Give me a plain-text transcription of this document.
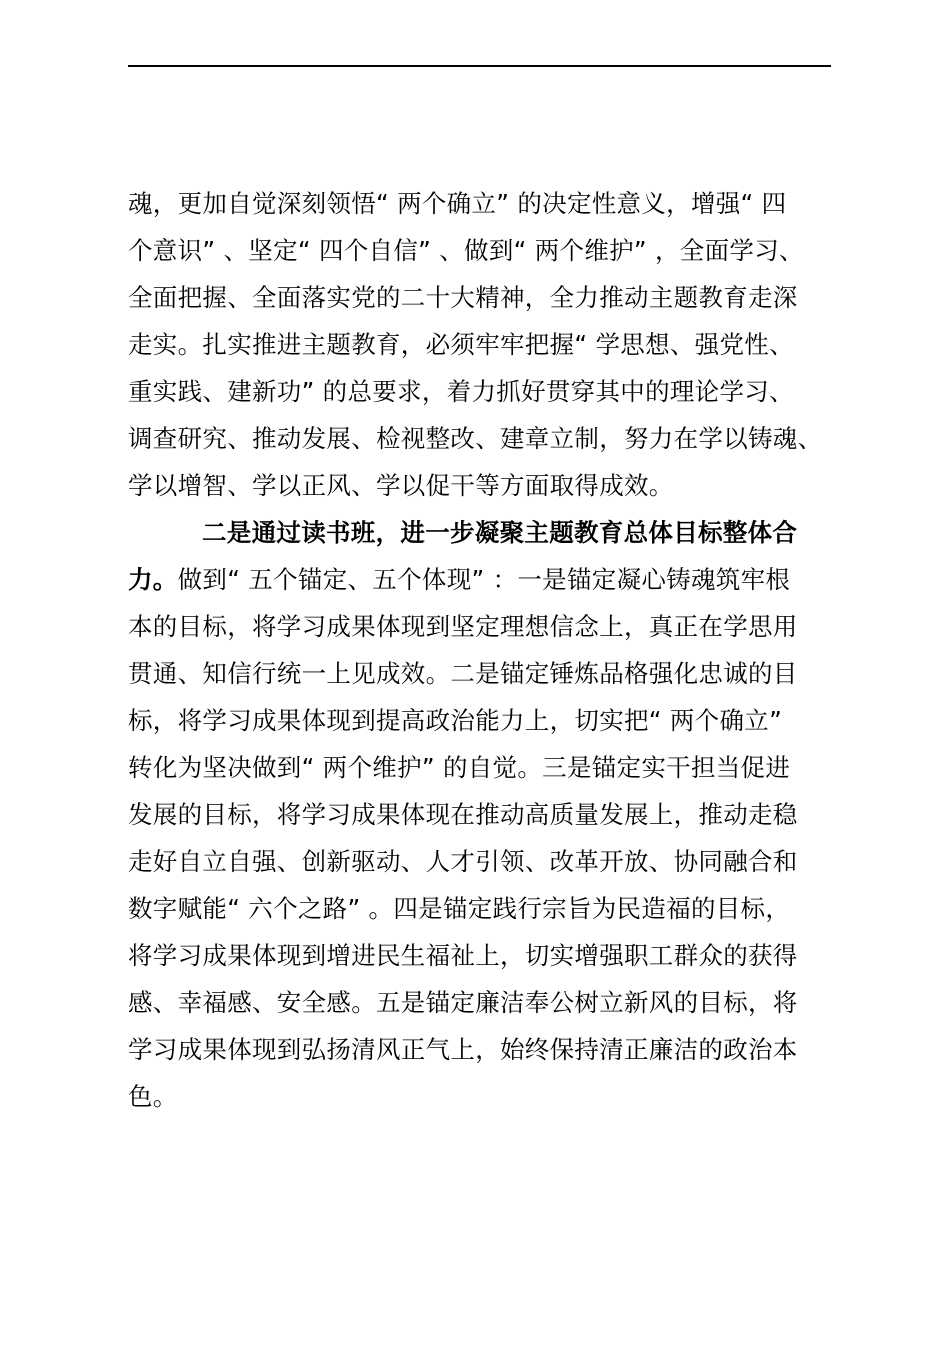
魂，更加自觉深刻领悟“ 两个确立” 的决定性意义，增强“ 四
个意识” 、坚定“ 四个自信” 、做到“ 两个维护” ，全面学习、
全面把握、全面落实党的二十大精神，全力推动主题教育走深
走实。扎实推进主题教育，必须牢牢把握“ 学思想、强党性、
重实践、建新功” 的总要求，着力抓好贯穿其中的理论学习、
调查研究、推动发展、检视整改、建章立制，努力在学以铸魂、
学以增智、学以正风、学以促干等方面取得成效。
二是通过读书班，进一步凝聚主题教育总体目标整体合
力。做到“ 五个锚定、五个体现” ：一是锚定凝心铸魂筑牢根
本的目标，将学习成果体现到坚定理想信念上，真正在学思用
贯通、知信行统一上见成效。二是锚定锤炼品格强化忠诚的目
标，将学习成果体现到提高政治能力上，切实把“ 两个确立”
转化为坚决做到“ 两个维护” 的自觉。三是锚定实干担当促进
发展的目标，将学习成果体现在推动高质量发展上，推动走稳
走好自立自强、创新驱动、人才引领、改革开放、协同融合和
数字赋能“ 六个之路” 。四是锚定践行宗旨为民造福的目标，
将学习成果体现到增进民生福祉上，切实增强职工群众的获得
感、幸福感、安全感。五是锚定廉洁奉公树立新风的目标，将
学习成果体现到弘扬清风正气上，始终保持清正廉洁的政治本
色。
